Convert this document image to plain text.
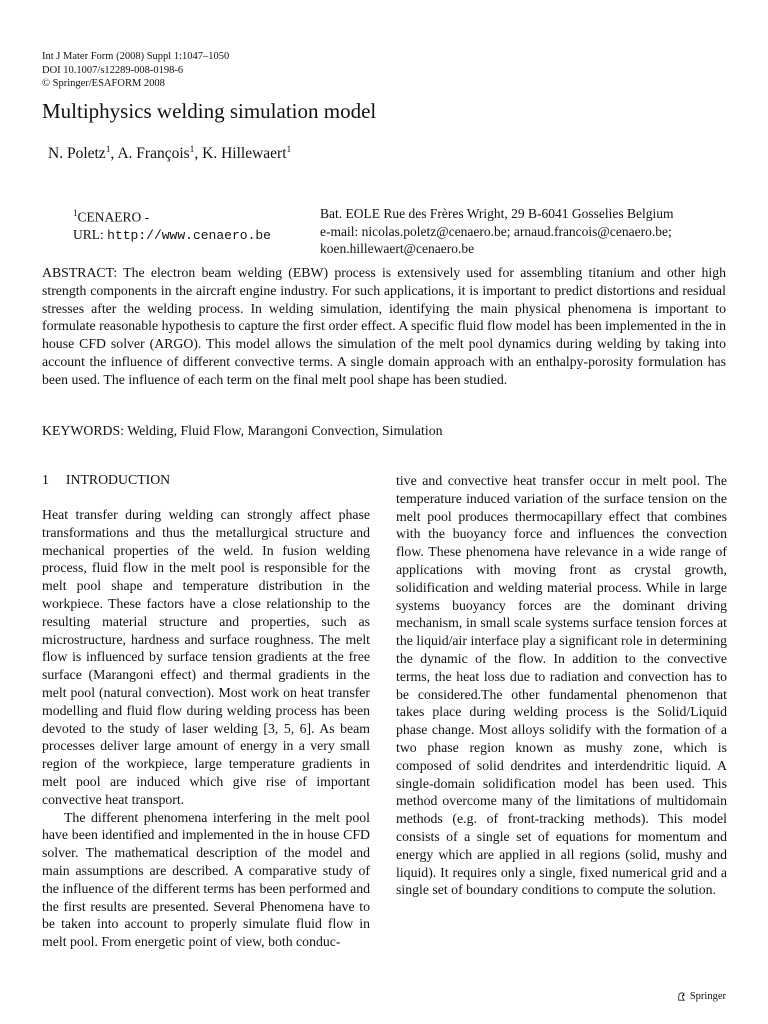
Int J Mater Form (2008) Suppl 1:1047–1050
DOI 10.1007/s12289-008-0198-6
© Springer/ESAFORM 2008
Multiphysics welding simulation model
N. Poletz$^1$, A. François$^1$, K. Hillewaert$^1$
$^1$CENAERO -
URL: http://www.cenaero.be
Bat. EOLE Rue des Frères Wright, 29 B-6041 Gosselies Belgium
e-mail: nicolas.poletz@cenaero.be; arnaud.francois@cenaero.be;
koen.hillewaert@cenaero.be
ABSTRACT: The electron beam welding (EBW) process is extensively used for assembling titanium and other high strength components in the aircraft engine industry. For such applications, it is important to predict distortions and residual stresses after the welding process. In welding simulation, identifying the main physical phenomena is important to formulate reasonable hypothesis to capture the first order effect. A specific fluid flow model has been implemented in the in house CFD solver (ARGO). This model allows the simulation of the melt pool dynamics during welding by taking into account the influence of different convective terms. A single domain approach with an enthalpy-porosity formulation has been used. The influence of each term on the final melt pool shape has been studied.
KEYWORDS: Welding, Fluid Flow, Marangoni Convection, Simulation
1 INTRODUCTION

Heat transfer during welding can strongly affect phase transformations and thus the metallurgical structure and mechanical properties of the weld. In fusion welding process, fluid flow in the melt pool is responsible for the melt pool shape and temperature distribution in the workpiece. These factors have a close relationship to the resulting material structure and properties, such as microstructure, hardness and surface roughness. The melt flow is influenced by surface tension gradients at the free surface (Marangoni effect) and thermal gradients in the melt pool (natural convection). Most work on heat transfer modelling and fluid flow during welding process has been devoted to the study of laser welding [3, 5, 6]. As beam processes deliver large amount of energy in a very small region of the workpiece, large temperature gradients in melt pool are induced which give rise of important convective heat transport.

The different phenomena interfering in the melt pool have been identified and implemented in the in house CFD solver. The mathematical description of the model and main assumptions are described. A comparative study of the influence of the different terms has been performed and the first results are presented. Several Phenomena have to be taken into account to properly simulate fluid flow in melt pool. From energetic point of view, both conduc-

tive and convective heat transfer occur in melt pool. The temperature induced variation of the surface tension on the melt pool produces thermocapillary effect that combines with the buoyancy force and influences the convection flow. These phenomena have relevance in a wide range of applications with moving front as crystal growth, solidification and welding material process. While in large systems buoyancy forces are the dominant driving mechanism, in small scale systems surface tension forces at the liquid/air interface play a significant role in determining the dynamic of the flow. In addition to the convective terms, the heat loss due to radiation and convection has to be considered.The other fundamental phenomenon that takes place during welding process is the Solid/Liquid phase change. Most alloys solidify with the formation of a two phase region known as mushy zone, which is composed of solid dendrites and interdendritic liquid. A single-domain solidification model has been used. This method overcome many of the limitations of multidomain methods (e.g. of front-tracking methods). This model consists of a single set of equations for momentum and energy which are applied in all regions (solid, mushy and liquid). It requires only a single, fixed numerical grid and a single set of boundary conditions to compute the solution.

Springer
